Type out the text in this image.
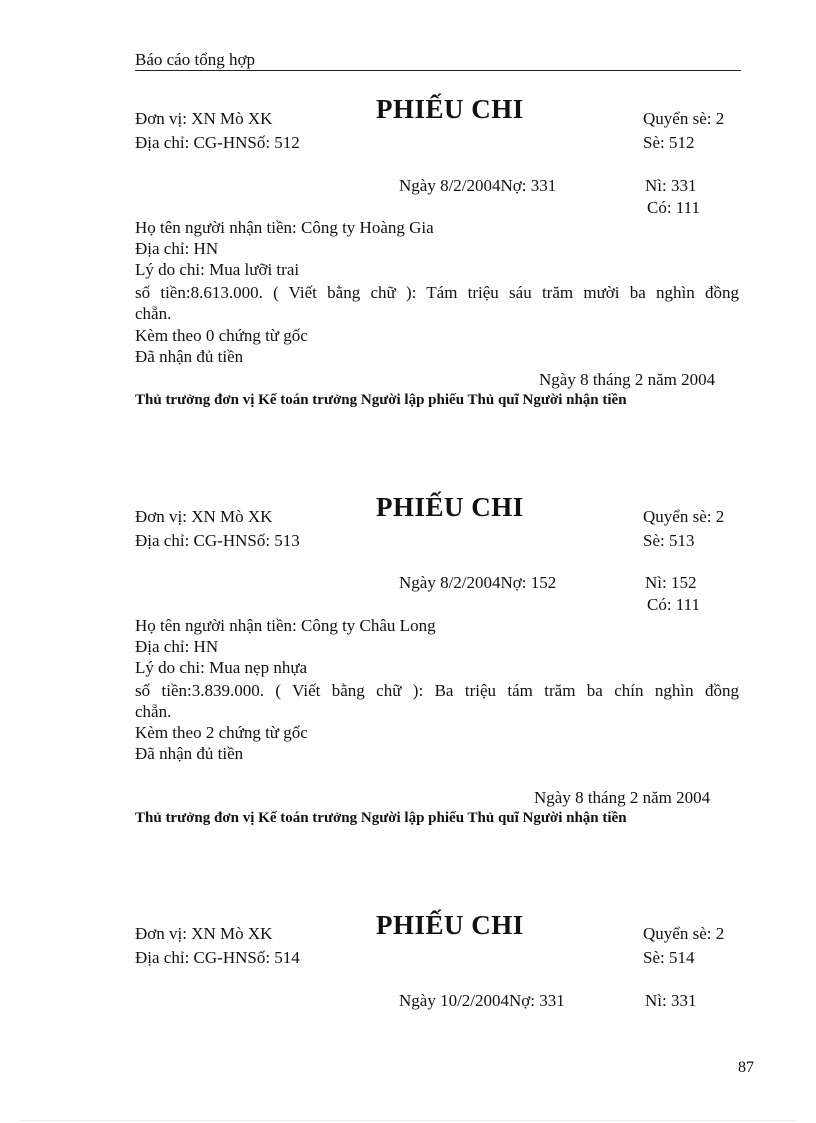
Báo cáo tổng hợp
Đơn vị: XN Mò XK	PHIẾU CHI	Quyển sè: 2
Địa chỉ: CG-HNSố: 512	Sè: 512
Ngày 8/2/2004Nợ: 331	Nì: 331
Có: 111
Họ tên người nhận tiền: Công ty Hoàng Gia
Địa chỉ: HN
Lý do chi: Mua lưỡi trai
số tiền:8.613.000. ( Viết bằng chữ ): Tám triệu sáu trăm mười ba nghìn đồng
chẵn.
Kèm theo 0 chứng từ gốc
Đã nhận đủ tiền
Ngày 8 tháng 2 năm 2004
Thủ trưởng đơn vị Kế toán trưởng Người lập phiếu Thủ quĩ Người nhận tiền
Đơn vị: XN Mò XK	PHIẾU CHI	Quyển sè: 2
Địa chỉ: CG-HNSố: 513	Sè: 513
Ngày 8/2/2004Nợ: 152	Nì: 152
Có: 111
Họ tên người nhận tiền: Công ty Châu Long
Địa chỉ: HN
Lý do chi: Mua nẹp nhựa
số tiền:3.839.000. ( Viết bằng chữ ): Ba triệu tám trăm ba chín nghìn đồng
chẵn.
Kèm theo 2 chứng từ gốc
Đã nhận đủ tiền
Ngày 8 tháng 2 năm 2004
Thủ trưởng đơn vị Kế toán trưởng Người lập phiếu Thủ quĩ Người nhận tiền
Đơn vị: XN Mò XK	PHIẾU CHI	Quyển sè: 2
Địa chỉ: CG-HNSố: 514	Sè: 514
Ngày 10/2/2004Nợ: 331	Nì: 331
87
